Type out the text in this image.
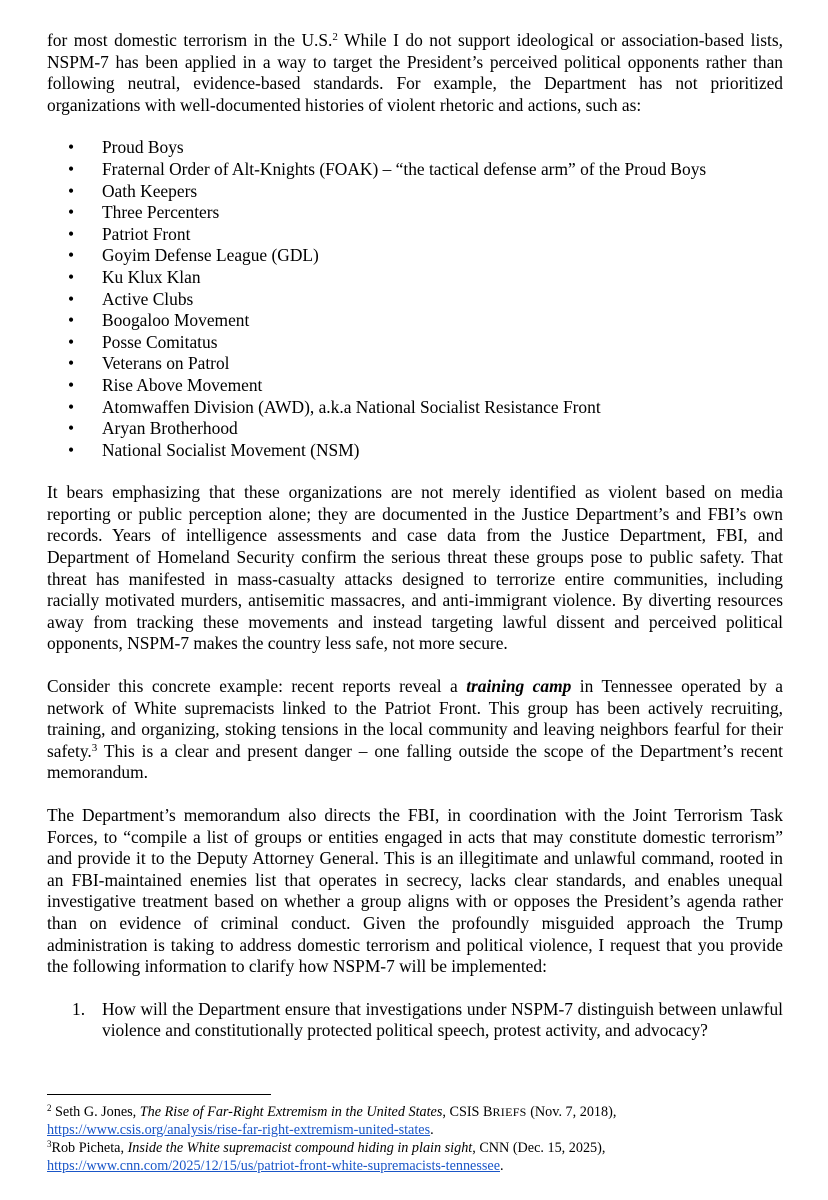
for most domestic terrorism in the U.S.$^2$ While I do not support ideological or association-based lists, NSPM-7 has been applied in a way to target the President’s perceived political opponents rather than following neutral, evidence-based standards. For example, the Department has not prioritized organizations with well-documented histories of violent rhetoric and actions, such as:

• Proud Boys
• Fraternal Order of Alt-Knights (FOAK) – “the tactical defense arm” of the Proud Boys
• Oath Keepers
• Three Percenters
• Patriot Front
• Goyim Defense League (GDL)
• Ku Klux Klan
• Active Clubs
• Boogaloo Movement
• Posse Comitatus
• Veterans on Patrol
• Rise Above Movement
• Atomwaffen Division (AWD), a.k.a National Socialist Resistance Front
• Aryan Brotherhood
• National Socialist Movement (NSM)

It bears emphasizing that these organizations are not merely identified as violent based on media reporting or public perception alone; they are documented in the Justice Department’s and FBI’s own records. Years of intelligence assessments and case data from the Justice Department, FBI, and Department of Homeland Security confirm the serious threat these groups pose to public safety. That threat has manifested in mass-casualty attacks designed to terrorize entire communities, including racially motivated murders, antisemitic massacres, and anti-immigrant violence. By diverting resources away from tracking these movements and instead targeting lawful dissent and perceived political opponents, NSPM-7 makes the country less safe, not more secure.

Consider this concrete example: recent reports reveal a training camp in Tennessee operated by a network of White supremacists linked to the Patriot Front. This group has been actively recruiting, training, and organizing, stoking tensions in the local community and leaving neighbors fearful for their safety.$^3$ This is a clear and present danger – one falling outside the scope of the Department’s recent memorandum.

The Department’s memorandum also directs the FBI, in coordination with the Joint Terrorism Task Forces, to “compile a list of groups or entities engaged in acts that may constitute domestic terrorism” and provide it to the Deputy Attorney General. This is an illegitimate and unlawful command, rooted in an FBI-maintained enemies list that operates in secrecy, lacks clear standards, and enables unequal investigative treatment based on whether a group aligns with or opposes the President’s agenda rather than on evidence of criminal conduct. Given the profoundly misguided approach the Trump administration is taking to address domestic terrorism and political violence, I request that you provide the following information to clarify how NSPM-7 will be implemented:

1. How will the Department ensure that investigations under NSPM-7 distinguish between unlawful violence and constitutionally protected political speech, protest activity, and advocacy?
$^2$ Seth G. Jones, The Rise of Far-Right Extremism in the United States, CSIS BRIEFS (Nov. 7, 2018),
https://www.csis.org/analysis/rise-far-right-extremism-united-states.
$^3$Rob Picheta, Inside the White supremacist compound hiding in plain sight, CNN (Dec. 15, 2025),
https://www.cnn.com/2025/12/15/us/patriot-front-white-supremacists-tennessee.
